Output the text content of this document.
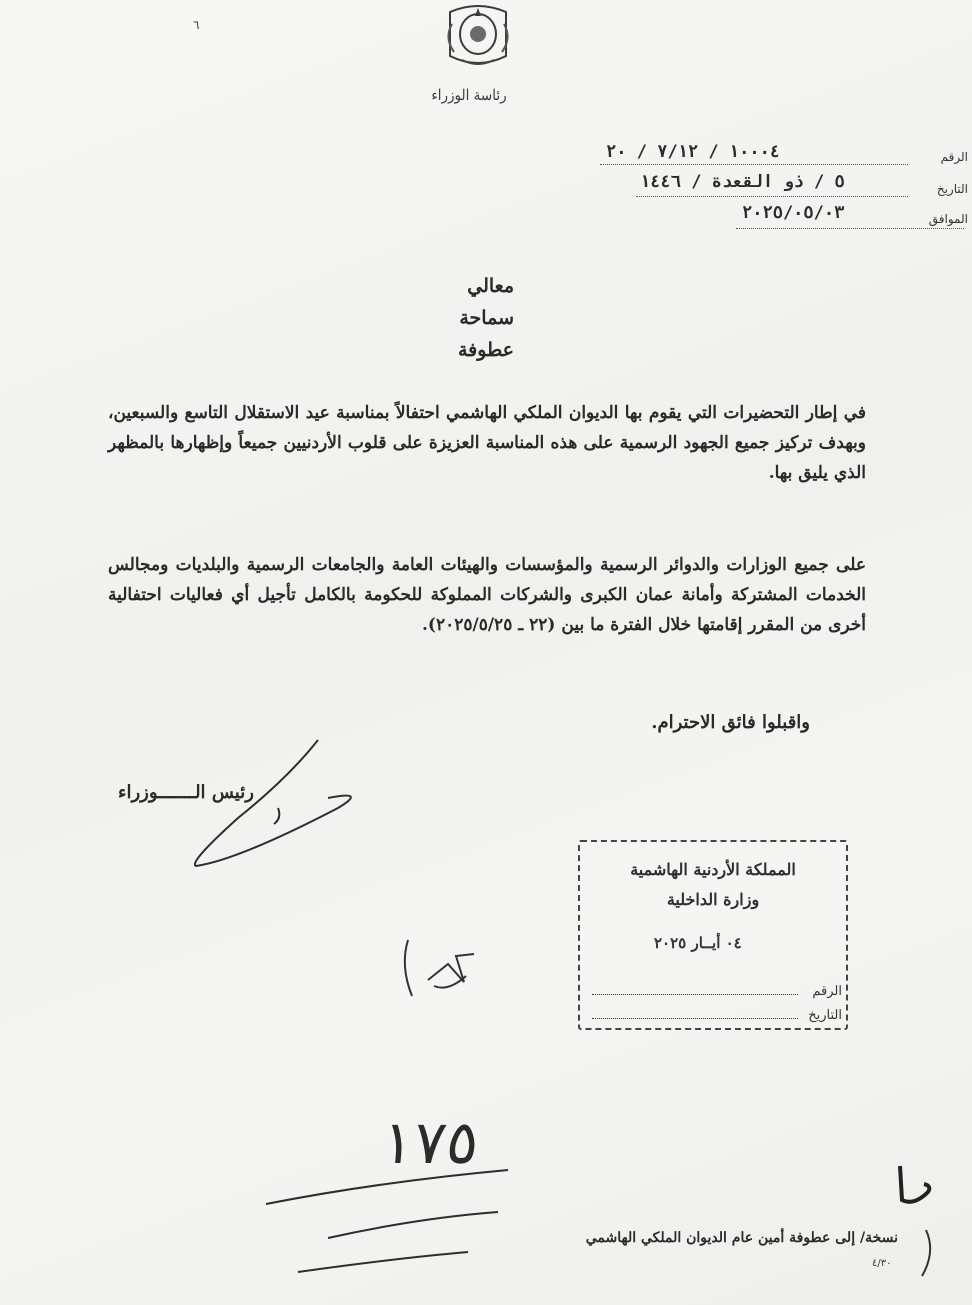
رئاسة الوزراء
٦
الرقم
١٠٠٠٤ / ٧/١٢ / ٢٠
التاريخ
٥ / ذو القعدة / ١٤٤٦
الموافق
٢٠٢٥/٠٥/٠٣
معالي
سماحة
عطوفة
في إطار التحضيرات التي يقوم بها الديوان الملكي الهاشمي احتفالاً بمناسبة عيد الاستقلال التاسع والسبعين، وبهدف تركيز جميع الجهود الرسمية على هذه المناسبة العزيزة على قلوب الأردنيين جميعاً وإظهارها بالمظهر الذي يليق بها.
على جميع الوزارات والدوائر الرسمية والمؤسسات والهيئات العامة والجامعات الرسمية والبلديات ومجالس الخدمات المشتركة وأمانة عمان الكبرى والشركات المملوكة للحكومة بالكامل تأجيل أي فعاليات احتفالية أخرى من المقرر إقامتها خلال الفترة ما بين (٢٢ ـ ٢٠٢٥/٥/٢٥).
واقبلوا فائق الاحترام.
رئيس الـــــــوزراء
المملكة الأردنية الهاشمية
وزارة الداخلية
٠٤ أيــار ٢٠٢٥
الرقم
التاريخ
١٧٥
نسخة/ إلى عطوفة أمين عام الديوان الملكي الهاشمي
٤/٣٠
